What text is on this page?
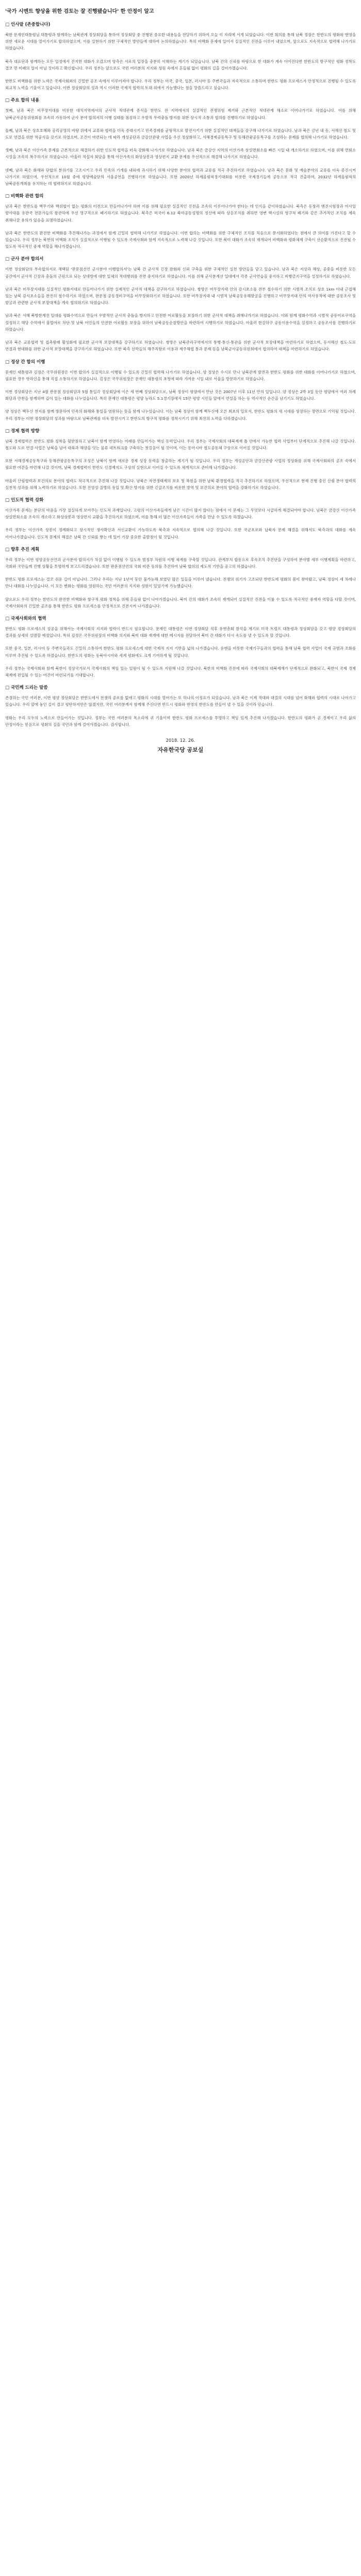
'국가 시멘트 향상을 위한 검토는 잘 진행됐습니다' 한 안정이 알고
□ 인사말 (존중합니다)

북한 문재인대통령님 대통령과 함께하는 남북관계 정상회담을 통하여 정상회담 중 진행된 중요한 내용들을 전달하기 위하여 오늘 이 자리에 서게 되었습니다. 이번 회의를 통해 남북 정상은 한반도의 평화와 번영을 위한 새로운 시대를 열어가기로 합의하였으며, 이를 실현하기 위한 구체적인 방안들에 대하여 논의하였습니다. 특히 비핵화 문제에 있어서 실질적인 진전을 이루어 내었으며, 앞으로도 지속적으로 협력해 나가기로 하였습니다.

북측 대표단과 함께하는 모든 일정에서 진지한 대화가 오갔으며 양측은 서로의 입장을 충분히 이해하는 계기가 되었습니다. 남북 간의 신뢰를 바탕으로 한 대화가 계속 이어진다면 한반도의 항구적인 평화 정착도 결코 먼 미래의 일이 아닐 것이라고 확신합니다. 우리 정부는 앞으로도 국민 여러분의 지지와 성원 속에서 흔들림 없이 평화의 길을 걸어가겠습니다.

한반도 비핵화를 위한 노력은 국제사회와의 긴밀한 공조 속에서 이루어져야 합니다. 우리 정부는 미국, 중국, 일본, 러시아 등 주변국들과 지속적으로 소통하며 한반도 평화 프로세스가 안정적으로 진행될 수 있도록 외교적 노력을 기울이고 있습니다. 이번 정상회담의 성과 역시 이러한 국제적 협력의 토대 위에서 가능했다는 점을 말씀드리고 싶습니다.

□ 주요 합의 내용

첫째, 남과 북은 비무장지대를 비롯한 대치지역에서의 군사적 적대관계 종식을 한반도 전 지역에서의 실질적인 전쟁위험 제거와 근본적인 적대관계 해소로 이어나가기로 하였습니다. 이를 위해 남북군사공동위원회를 조속히 가동하여 군사 분야 합의서의 이행 실태를 점검하고 우발적 무력충돌 방지를 위한 상시적 소통과 협의를 진행하기로 하였습니다.

둘째, 남과 북은 상호호혜와 공리공영의 바탕 위에서 교류와 협력을 더욱 증대시키고 민족경제를 균형적으로 발전시키기 위한 실질적인 대책들을 강구해 나가기로 하였습니다. 남과 북은 금년 내 동, 서해선 철도 및 도로 연결을 위한 착공식을 갖기로 하였으며, 조건이 마련되는 데 따라 개성공단과 금강산관광 사업을 우선 정상화하고, 서해경제공동특구 및 동해관광공동특구를 조성하는 문제를 협의해 나가기로 하였습니다.

셋째, 남과 북은 이산가족 문제를 근본적으로 해결하기 위한 인도적 협력을 더욱 강화해 나가기로 하였습니다. 남과 북은 금강산 지역의 이산가족 상설면회소를 빠른 시일 내 개소하기로 하였으며, 이를 위해 면회소 시설을 조속히 복구하기로 하였습니다. 아울러 적십자 회담을 통해 이산가족의 화상상봉과 영상편지 교환 문제를 우선적으로 해결해 나가기로 하였습니다.

넷째, 남과 북은 화해와 단합의 분위기를 고조시키고 우리 민족의 기개를 내외에 과시하기 위해 다양한 분야의 협력과 교류를 적극 추진하기로 하였습니다. 남과 북은 문화 및 예술분야의 교류를 더욱 증진시켜 나가기로 하였으며, 우선적으로 10월 중에 평양예술단의 서울공연을 진행하기로 하였습니다. 또한 2020년 하계올림픽경기대회를 비롯한 국제경기들에 공동으로 적극 진출하며, 2032년 하계올림픽의 남북공동개최를 유치하는 데 협력하기로 하였습니다.

□ 비핵화 관련 합의

남과 북은 한반도를 핵무기와 핵위협이 없는 평화의 터전으로 만들어나가야 하며 이를 위해 필요한 실질적인 진전을 조속히 이루어나가야 한다는 데 인식을 같이하였습니다. 북측은 동창리 엔진시험장과 미사일 발사대를 유관국 전문가들의 참관하에 우선 영구적으로 폐기하기로 하였습니다. 북측은 미국이 6.12 북미공동성명의 정신에 따라 상응조치를 취하면 영변 핵시설의 영구적 폐기와 같은 추가적인 조치를 계속 취해나갈 용의가 있음을 표명하였습니다.

남과 북은 한반도의 완전한 비핵화를 추진해나가는 과정에서 함께 긴밀히 협력해 나가기로 하였습니다. 이번 합의는 비핵화를 위한 구체적인 조치를 처음으로 문서화하였다는 점에서 큰 의미를 가진다고 할 수 있습니다. 우리 정부는 북한의 비핵화 조치가 실질적으로 이행될 수 있도록 국제사회와 함께 지속적으로 노력해 나갈 것입니다. 또한 북미 대화가 조속히 재개되어 비핵화와 평화체제 구축이 선순환적으로 진전될 수 있도록 적극적인 중재 역할을 해나가겠습니다.

□ 군사 분야 합의서

이번 정상회담의 부속합의서로 채택된 '판문점선언 군사분야 이행합의서'는 남북 간 군사적 긴장 완화와 신뢰 구축을 위한 구체적인 실천 방안들을 담고 있습니다. 남과 북은 지상과 해상, 공중을 비롯한 모든 공간에서 군사적 긴장과 충돌의 근원으로 되는 상대방에 대한 일체의 적대행위를 전면 중지하기로 하였습니다. 이를 위해 군사분계선 일대에서 각종 군사연습을 중지하고 비행금지구역을 설정하기로 하였습니다.

남과 북은 비무장지대를 실질적인 평화지대로 만들어나가기 위한 실제적인 군사적 대책을 강구하기로 하였습니다. 쌍방은 비무장지대 안의 감시초소를 전부 철수하기 위한 시범적 조치로 상호 1km 이내 근접해 있는 남북 감시초소들을 완전히 철수하기로 하였으며, 판문점 공동경비구역을 비무장화하기로 하였습니다. 또한 비무장지대 내 시범적 남북공동유해발굴을 진행하고 비무장지대 안의 역사유적에 대한 공동조사 및 발굴과 관련한 군사적 보장대책을 계속 협의하기로 하였습니다.

남과 북은 서해 북방한계선 일대를 평화수역으로 만들어 우발적인 군사적 충돌을 방지하고 안전한 어로활동을 보장하기 위한 군사적 대책을 취해나가기로 하였습니다. 이와 함께 평화수역과 시범적 공동어로구역을 설정하고 해당 수역에서 불법어로 차단 및 남북 어민들의 안전한 어로활동 보장을 위하여 남북공동순찰방안을 마련하여 시행하기로 하였습니다. 아울러 한강하구 공동이용수역을 설정하고 공동조사를 진행하기로 하였습니다.

남과 북은 교류협력 및 접촉왕래 활성화에 필요한 군사적 보장대책을 강구하기로 하였습니다. 쌍방은 남북관리구역에서의 통행·통신·통관을 위한 군사적 보장대책을 마련하기로 하였으며, 동서해선 철도·도로 연결과 현대화를 위한 군사적 보장대책을 강구하기로 하였습니다. 또한 북측 선박들의 해주직항로 이용과 제주해협 통과 문제 등을 남북군사공동위원회에서 협의하여 대책을 마련하기로 하였습니다.

□ 정상 간 합의 이행

문재인 대통령과 김정은 국무위원장은 이번 합의가 실질적으로 이행될 수 있도록 긴밀히 협력해 나가기로 하였습니다. 양 정상은 수시로 만나 남북관계 발전과 한반도 평화를 위한 대화를 이어나가기로 하였으며, 필요한 경우 핫라인을 통해 직접 소통하기로 하였습니다. 김정은 국무위원장은 문재인 대통령의 초청에 따라 가까운 시일 내로 서울을 방문하기로 하였습니다.

이번 정상회담은 지난 4월 판문점 정상회담과 5월 통일각 정상회담에 이은 세 번째 정상회담으로, 남북 정상이 평양에서 만난 것은 2007년 이후 11년 만의 일입니다. 양 정상은 2박 3일 동안 평양에서 여러 차례 회담과 만찬을 함께하며 깊이 있는 대화를 나누었습니다. 특히 문재인 대통령은 평양 능라도 5.1경기장에서 15만 평양 시민들 앞에서 연설을 하는 등 역사적인 순간을 남기기도 하였습니다.

양 정상은 백두산 천지를 함께 방문하여 민족의 화해와 통일을 염원하는 뜻을 함께 나누었습니다. 이는 남북 정상이 함께 백두산에 오른 최초의 일로서, 한반도 평화의 새 시대를 상징하는 장면으로 기억될 것입니다. 우리 정부는 이번 정상회담의 성과를 바탕으로 남북관계를 더욱 발전시키고 한반도의 항구적 평화를 정착시키기 위해 최선의 노력을 다하겠습니다.

□ 경제 협력 방향

남북 경제협력은 한반도 평화 정착을 뒷받침하고 남북이 함께 번영하는 미래를 만들어가는 핵심 동력입니다. 우리 정부는 국제사회의 대북제재 틀 안에서 가능한 협력 사업부터 단계적으로 추진해 나갈 것입니다. 철도와 도로 연결 사업은 남북을 넘어 대륙과 해양을 잇는 물류 네트워크를 구축하는 첫걸음이 될 것이며, 이는 동아시아 철도공동체 구상으로 이어질 것입니다.

또한 서해경제공동특구와 동해관광공동특구의 조성은 남북이 함께 새로운 경제 성장 동력을 창출하는 계기가 될 것입니다. 우리 정부는 개성공단과 금강산관광 사업의 정상화를 위해 국제사회와의 공조 속에서 필요한 여건을 마련해 나갈 것이며, 남북 경제협력이 한반도 신경제지도 구상의 실현으로 이어질 수 있도록 체계적으로 준비해 나가겠습니다.

아울러 산림협력과 보건의료 분야의 협력도 적극적으로 추진해 나갈 것입니다. 남북은 자연생태계의 보호 및 복원을 위한 남북 환경협력을 적극 추진하기로 하였으며, 우선적으로 현재 진행 중인 산림 분야 협력의 실천적 성과를 위해 노력하기로 하였습니다. 또한 전염성 질병의 유입 및 확산 방지를 위한 긴급조치를 비롯한 방역 및 보건의료 분야의 협력을 강화하기로 하였습니다.

□ 인도적 협력 강화

이산가족 문제는 분단의 아픔을 가장 절실하게 보여주는 인도적 과제입니다. 고령의 이산가족들에게 남은 시간이 많지 않다는 점에서 이 문제는 그 무엇보다 시급하게 해결되어야 합니다. 남북은 금강산 이산가족 상설면회소를 조속히 개소하고 화상상봉과 영상편지 교환을 추진하기로 하였으며, 이를 통해 더 많은 이산가족들이 가족을 만날 수 있도록 하겠습니다.

우리 정부는 이산가족 상봉이 정례화되고 상시적인 생사확인과 서신교환이 가능하도록 북측과 지속적으로 협의해 나갈 것입니다. 또한 국군포로와 납북자 문제 해결을 위해서도 북측과의 대화를 계속 이어나가겠습니다. 인도적 문제의 해결은 남북 간 신뢰를 쌓는 데 있어 가장 중요한 출발점이 될 것입니다.

□ 향후 추진 계획

우리 정부는 이번 평양공동선언과 군사분야 합의서가 차질 없이 이행될 수 있도록 범정부 차원의 이행 체계를 구축할 것입니다. 관계부처 합동으로 후속조치 추진단을 구성하여 분야별 세부 이행계획을 마련하고, 국회와 국민들께 진행 상황을 투명하게 보고드리겠습니다. 또한 판문점선언의 국회 비준 동의를 추진하여 남북 합의의 제도적 기반을 공고히 하겠습니다.

한반도 평화 프로세스는 결코 쉬운 길이 아닙니다. 그러나 우리는 지난 1년여 동안 불가능해 보였던 많은 일들을 이루어 냈습니다. 전쟁의 위기가 고조되던 한반도에 평화의 봄이 찾아왔고, 남북 정상이 세 차례나 만나 대화를 나누었습니다. 이 모든 변화는 평화를 염원하는 국민 여러분의 지지와 성원이 있었기에 가능했습니다.

앞으로도 우리 정부는 한반도의 완전한 비핵화와 항구적 평화 정착을 위해 흔들림 없이 나아가겠습니다. 북미 간의 대화가 조속히 재개되어 실질적인 진전을 이룰 수 있도록 적극적인 중재자 역할을 다할 것이며, 국제사회와의 긴밀한 공조를 통해 한반도 평화 프로세스를 안정적으로 진전시켜 나가겠습니다.

□ 국제사회와의 협력

한반도 평화 프로세스의 성공을 위해서는 국제사회의 지지와 협력이 반드시 필요합니다. 문재인 대통령은 이번 정상회담 직후 유엔총회 참석을 계기로 미국 트럼프 대통령과 정상회담을 갖고 평양 정상회담의 결과를 상세히 설명할 예정입니다. 특히 김정은 국무위원장의 비핵화 의지와 북미 대화 재개에 대한 메시지를 전달하여 북미 간 대화가 다시 속도를 낼 수 있도록 할 것입니다.

또한 중국, 일본, 러시아 등 주변국들과도 긴밀히 소통하여 한반도 평화 프로세스에 대한 국제적 지지 기반을 넓혀 나가겠습니다. 유엔을 비롯한 국제기구들과의 협력을 통해 남북 협력 사업이 국제 규범과 조화를 이루며 추진될 수 있도록 하겠습니다. 한반도의 평화는 동북아시아와 세계 평화에도 크게 기여하게 될 것입니다.

우리 정부는 국제사회와 함께 북한이 정상국가로서 국제사회의 책임 있는 일원이 될 수 있도록 지원해 나갈 것입니다. 북한의 비핵화 진전에 따라 국제사회의 대북제재가 단계적으로 완화되고, 북한이 국제 경제 체제에 편입될 수 있는 여건이 마련되기를 기대합니다.

□ 국민께 드리는 말씀

존경하는 국민 여러분, 이번 평양 정상회담은 한반도에서 전쟁의 공포를 없애고 평화의 시대를 열어가는 또 하나의 이정표가 되었습니다. 남과 북은 이제 적대와 대결의 시대를 넘어 화해와 협력의 시대로 나아가고 있습니다. 우리 앞에 놓인 길이 결코 평탄하지만은 않겠지만, 국민 여러분께서 함께해 주신다면 반드시 평화와 번영의 한반도를 만들어 낼 수 있을 것이라 믿습니다.

평화는 우리 모두의 노력으로 만들어가는 것입니다. 정부는 국민 여러분의 목소리에 귀 기울이며 한반도 평화 프로세스를 투명하고 책임 있게 추진해 나가겠습니다. 한반도의 평화가 곧 경제이고 우리 삶의 안정이라는 믿음으로 평화의 길을 국민과 함께 걸어가겠습니다. 감사합니다.

2018. 12. 26.
자유한국당 공보실
